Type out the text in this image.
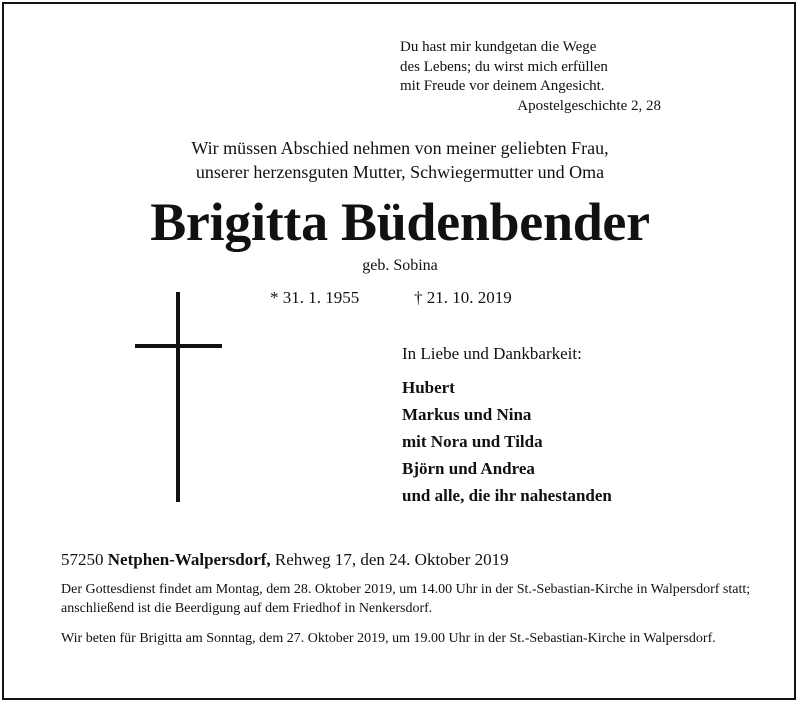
Du hast mir kundgetan die Wege
des Lebens; du wirst mich erfüllen
mit Freude vor deinem Angesicht.
Apostelgeschichte 2, 28
Wir müssen Abschied nehmen von meiner geliebten Frau,
unserer herzensguten Mutter, Schwiegermutter und Oma
Brigitta Büdenbender
geb. Sobina
* 31. 1. 1955	† 21. 10. 2019
In Liebe und Dankbarkeit:
Hubert
Markus und Nina
mit Nora und Tilda
Björn und Andrea
und alle, die ihr nahestanden
57250 Netphen-Walpersdorf, Rehweg 17, den 24. Oktober 2019
Der Gottesdienst findet am Montag, dem 28. Oktober 2019, um 14.00 Uhr in der St.-Sebastian-Kirche in Walpersdorf statt; anschließend ist die Beerdigung auf dem Friedhof in Nenkersdorf.
Wir beten für Brigitta am Sonntag, dem 27. Oktober 2019, um 19.00 Uhr in der St.-Sebastian-Kirche in Walpersdorf.
